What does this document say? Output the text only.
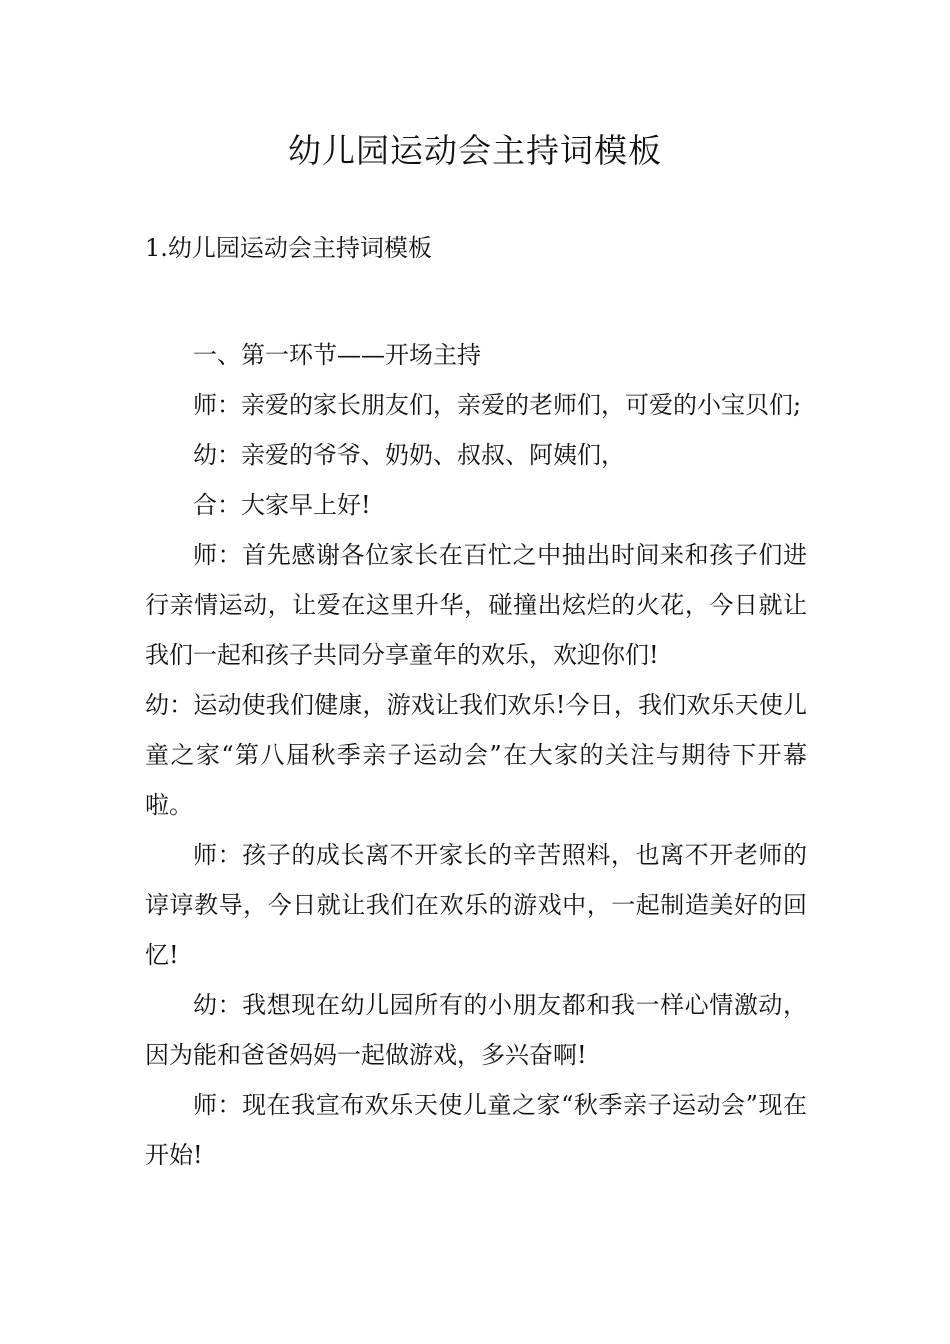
幼儿园运动会主持词模板
1.幼儿园运动会主持词模板

一、第一环节——开场主持

师：亲爱的家长朋友们，亲爱的老师们，可爱的小宝贝们;

幼：亲爱的爷爷、奶奶、叔叔、阿姨们，

合：大家早上好!

师：首先感谢各位家长在百忙之中抽出时间来和孩子们进行亲情运动，让爱在这里升华，碰撞出炫烂的火花，今日就让我们一起和孩子共同分享童年的欢乐，欢迎你们!

幼：运动使我们健康，游戏让我们欢乐!今日，我们欢乐天使儿童之家“第八届秋季亲子运动会”在大家的关注与期待下开幕啦。

师：孩子的成长离不开家长的辛苦照料，也离不开老师的谆谆教导，今日就让我们在欢乐的游戏中，一起制造美好的回忆!

幼：我想现在幼儿园所有的小朋友都和我一样心情激动，因为能和爸爸妈妈一起做游戏，多兴奋啊!

师：现在我宣布欢乐天使儿童之家“秋季亲子运动会”现在开始!
